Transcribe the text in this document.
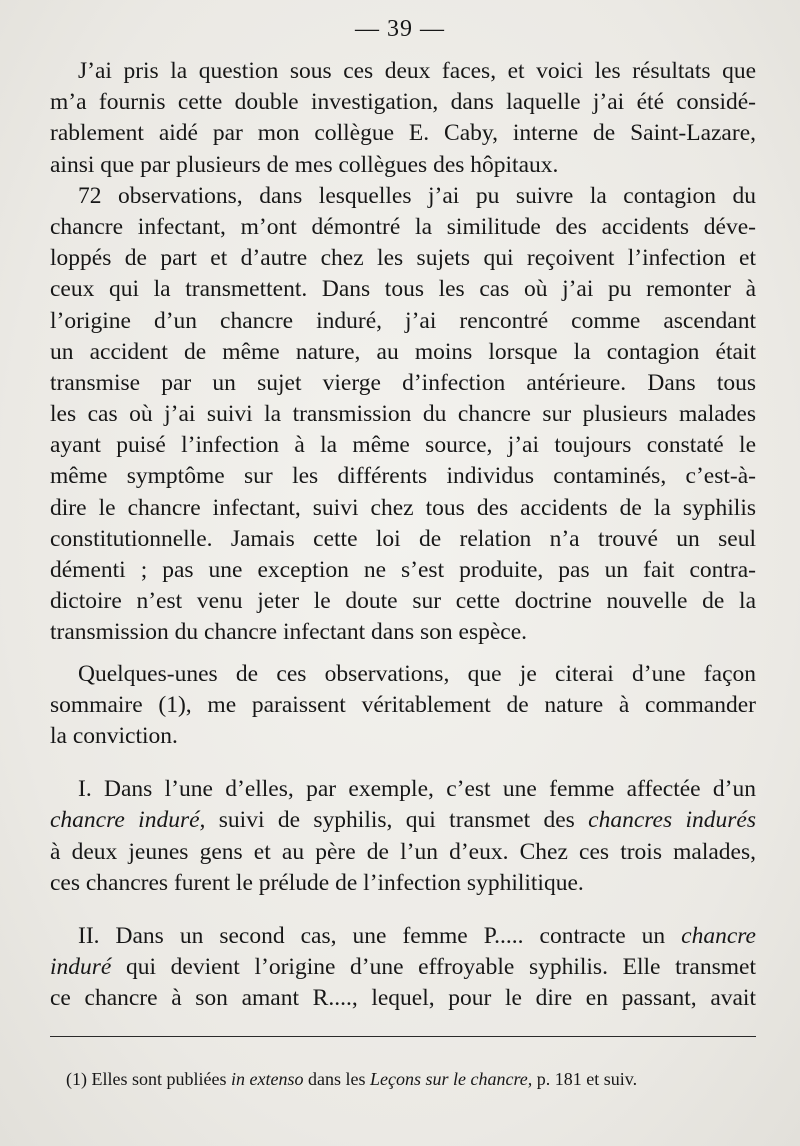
— 39 —
J’ai pris la question sous ces deux faces, et voici les résultats que
m’a fournis cette double investigation, dans laquelle j’ai été considé-
rablement aidé par mon collègue E. Caby, interne de Saint-Lazare,
ainsi que par plusieurs de mes collègues des hôpitaux.
72 observations, dans lesquelles j’ai pu suivre la contagion du
chancre infectant, m’ont démontré la similitude des accidents déve-
loppés de part et d’autre chez les sujets qui reçoivent l’infection et
ceux qui la transmettent. Dans tous les cas où j’ai pu remonter à
l’origine d’un chancre induré, j’ai rencontré comme ascendant
un accident de même nature, au moins lorsque la contagion était
transmise par un sujet vierge d’infection antérieure. Dans tous
les cas où j’ai suivi la transmission du chancre sur plusieurs malades
ayant puisé l’infection à la même source, j’ai toujours constaté le
même symptôme sur les différents individus contaminés, c’est-à-
dire le chancre infectant, suivi chez tous des accidents de la syphilis
constitutionnelle. Jamais cette loi de relation n’a trouvé un seul
démenti ; pas une exception ne s’est produite, pas un fait contra-
dictoire n’est venu jeter le doute sur cette doctrine nouvelle de la
transmission du chancre infectant dans son espèce.
Quelques-unes de ces observations, que je citerai d’une façon
sommaire (1), me paraissent véritablement de nature à commander
la conviction.
I. Dans l’une d’elles, par exemple, c’est une femme affectée d’un
chancre induré, suivi de syphilis, qui transmet des chancres indurés
à deux jeunes gens et au père de l’un d’eux. Chez ces trois malades,
ces chancres furent le prélude de l’infection syphilitique.
II. Dans un second cas, une femme P..... contracte un chancre
induré qui devient l’origine d’une effroyable syphilis. Elle transmet
ce chancre à son amant R...., lequel, pour le dire en passant, avait
(1) Elles sont publiées in extenso dans les Leçons sur le chancre, p. 181 et suiv.
